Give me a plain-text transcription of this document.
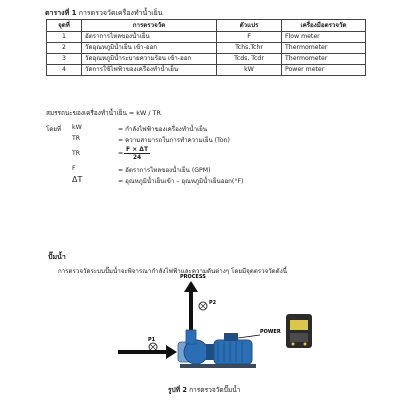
ตารางที่ 1 การตรวจวัดเครื่องทำน้ำเย็น
จุดที่	การตรวจวัด	ตัวแปร	เครื่องมือตรวจวัด
1	อัตราการไหลของน้ำเย็น	F	Flow meter
2	วัดอุณหภูมิน้ำเย็น เข้า-ออก	Tchs,Tchr	Thermometer
3	วัดอุณหภูมิน้ำระบายความร้อน เข้า-ออก	Tcds, Tcdr	Thermometer
4	วัดการใช้ไฟฟ้าของเครื่องทำน้ำเย็น	kW	Power meter
สมรรถนะของเครื่องทำน้ำเย็น = kW / TR
โดยที่ kW	= กำลังไฟฟ้าของเครื่องทำน้ำเย็น
TR	= ความสามารถในการทำความเย็น (Ton)
TR	= $\frac{F \times \Delta T}{24}$
F	= อัตราการไหลของน้ำเย็น (GPM)
ΔT	= อุณหภูมิน้ำเย็นเข้า – อุณหภูมิน้ำเย็นออก(°F)
ปั๊มน้ำ
การตรวจวัดระบบปั๊มน้ำจะพิจารณากำลังไฟฟ้าและความดันต่างๆ โดยมีจุดตรวจวัดดังนี้
PROCESS
P2
P1
POWER
รูปที่ 2 การตรวจวัดปั๊มน้ำ
